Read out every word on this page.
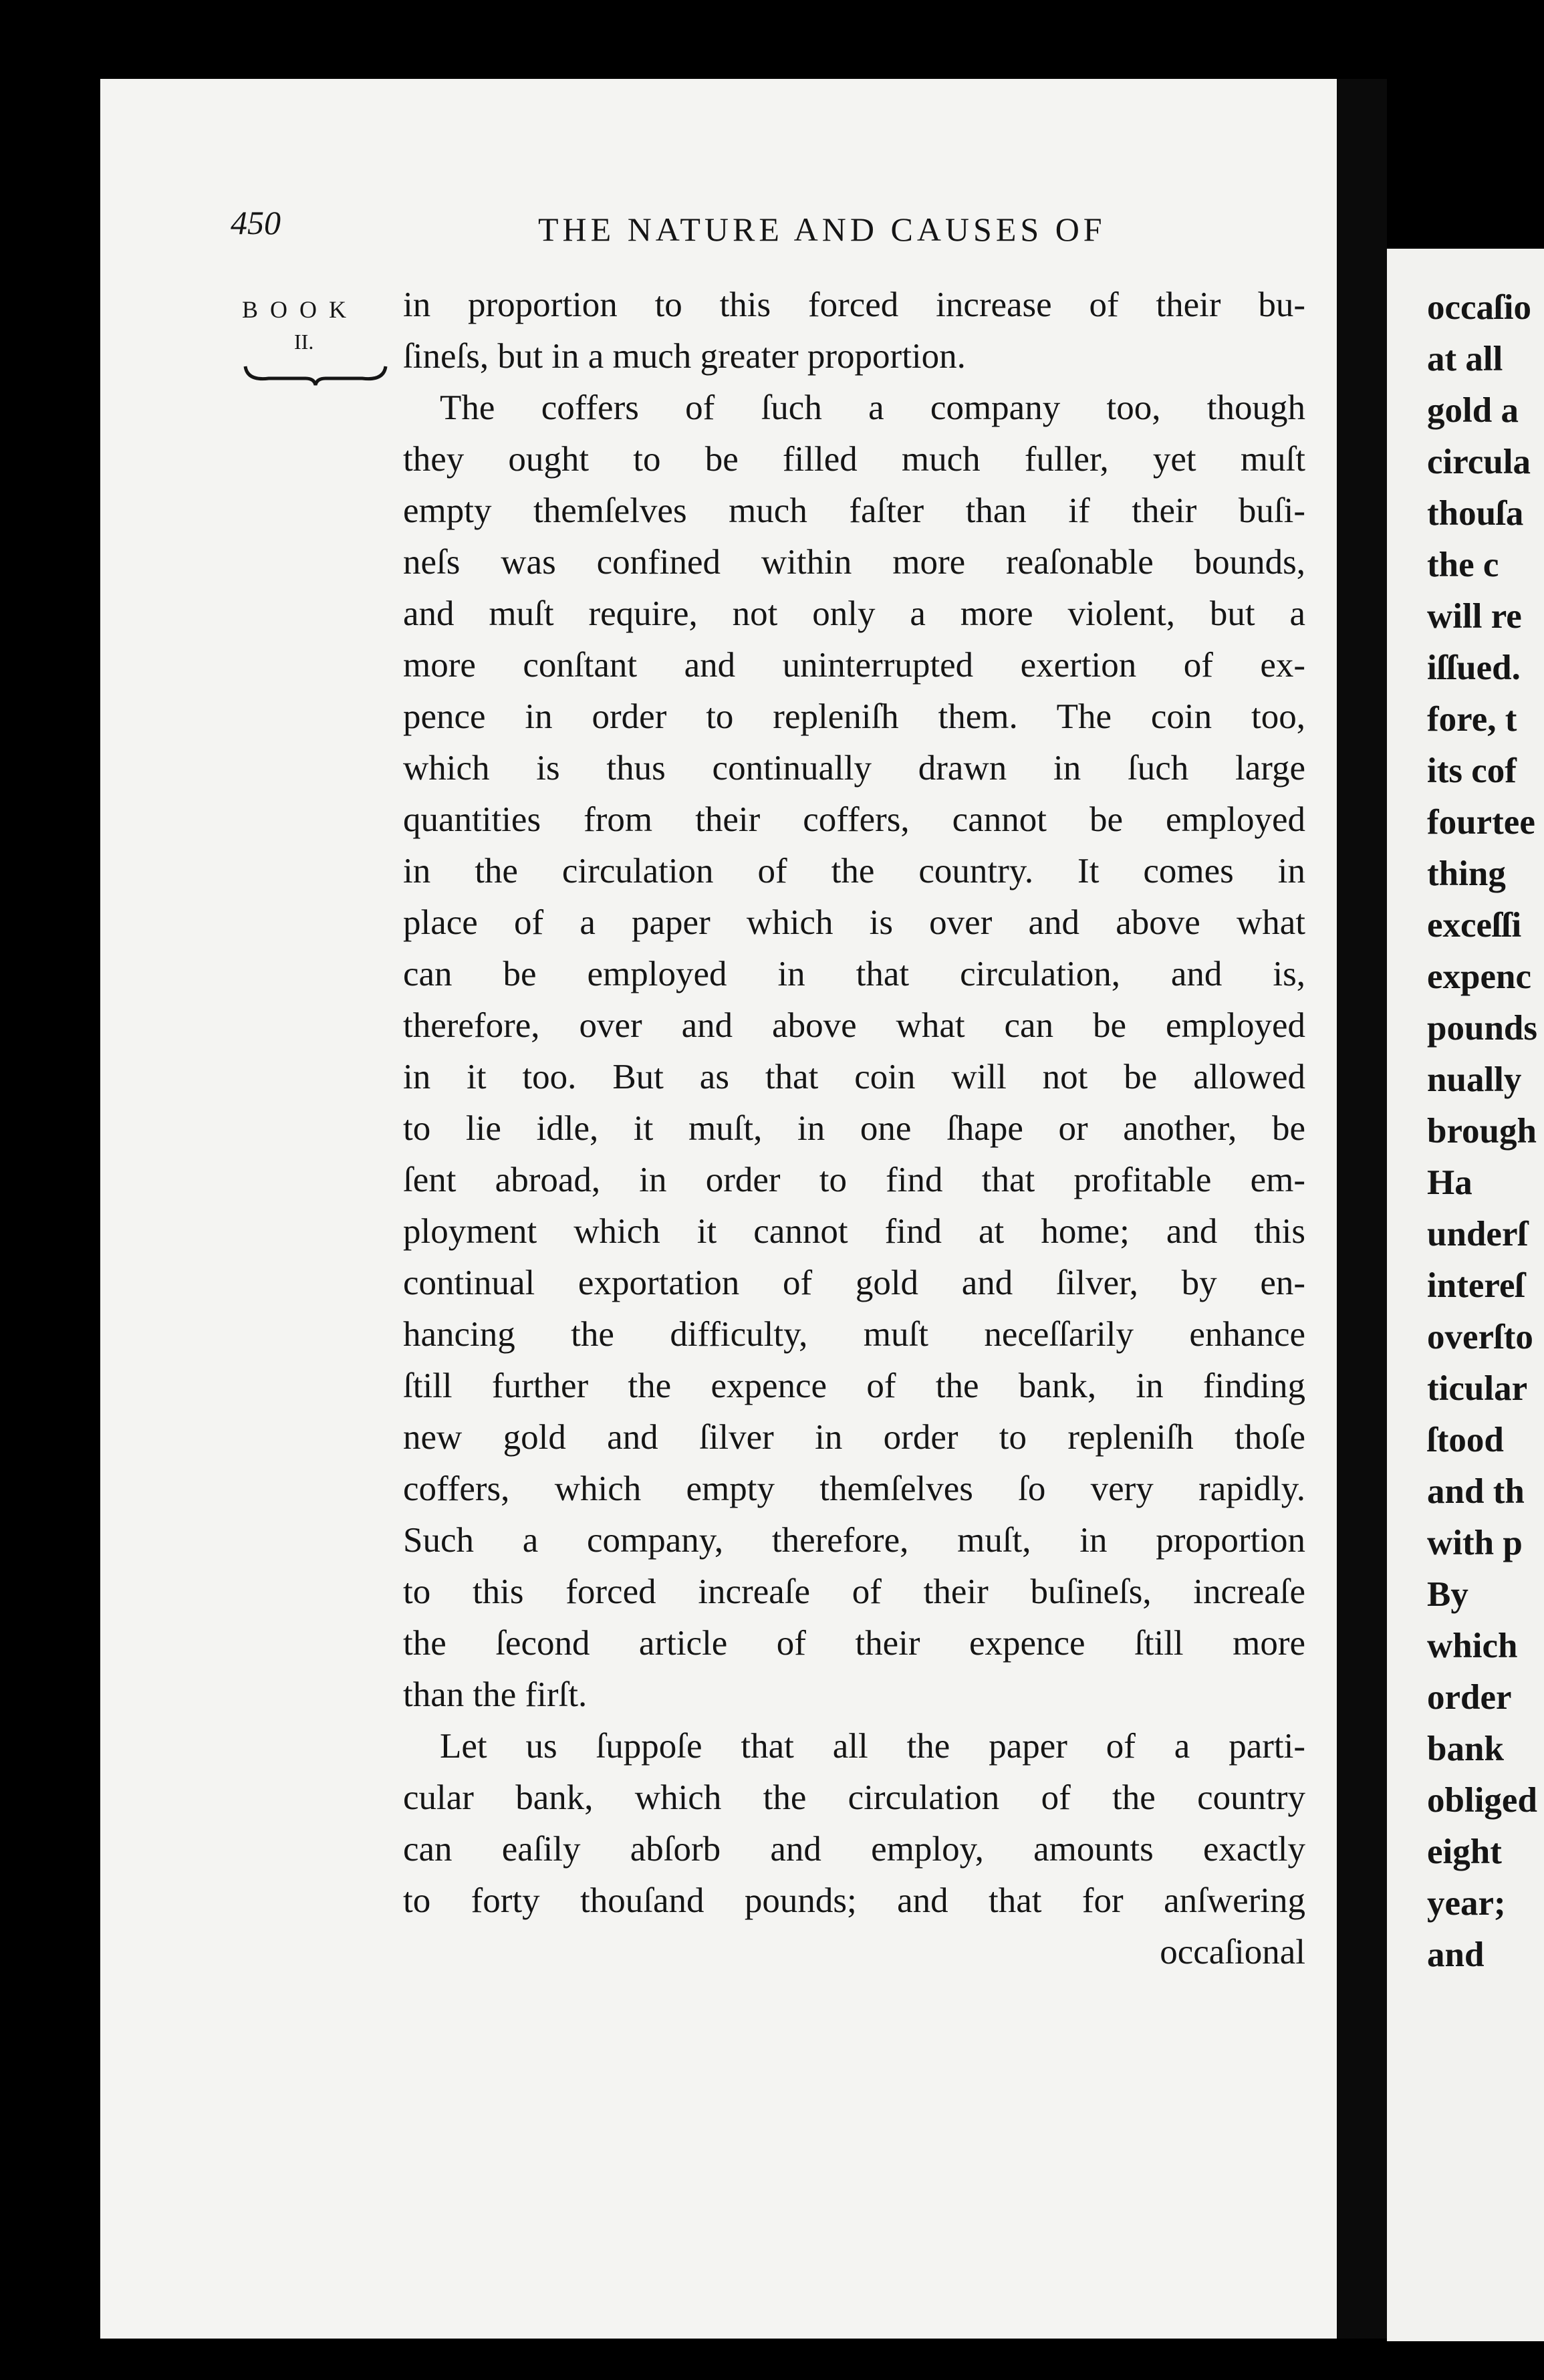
occaſio
at all
gold a
circula
thouſa
the c
will re
iſſued.
fore, t
its cof
fourtee
thing
exceſſi
expenc
pounds
nually
brough
Ha
underſ
intereſ
overſto
ticular
ſtood
and th
with p
By
which
order
bank
obliged
eight
year;
and
450	THE NATURE AND CAUSES OF
BOOK
II.
in proportion to this forced increase of their bu-
ſineſs, but in a much greater proportion.
The coffers of ſuch a company too, though
they ought to be filled much fuller, yet muſt
empty themſelves much faſter than if their buſi-
neſs was confined within more reaſonable bounds,
and muſt require, not only a more violent, but a
more conſtant and uninterrupted exertion of ex-
pence in order to repleniſh them. The coin too,
which is thus continually drawn in ſuch large
quantities from their coffers, cannot be employed
in the circulation of the country. It comes in
place of a paper which is over and above what
can be employed in that circulation, and is,
therefore, over and above what can be employed
in it too. But as that coin will not be allowed
to lie idle, it muſt, in one ſhape or another, be
ſent abroad, in order to find that profitable em-
ployment which it cannot find at home; and this
continual exportation of gold and ſilver, by en-
hancing the difficulty, muſt neceſſarily enhance
ſtill further the expence of the bank, in finding
new gold and ſilver in order to repleniſh thoſe
coffers, which empty themſelves ſo very rapidly.
Such a company, therefore, muſt, in proportion
to this forced increaſe of their buſineſs, increaſe
the ſecond article of their expence ſtill more
than the firſt.
Let us ſuppoſe that all the paper of a parti-
cular bank, which the circulation of the country
can eaſily abſorb and employ, amounts exactly
to forty thouſand pounds; and that for anſwering
occaſional
